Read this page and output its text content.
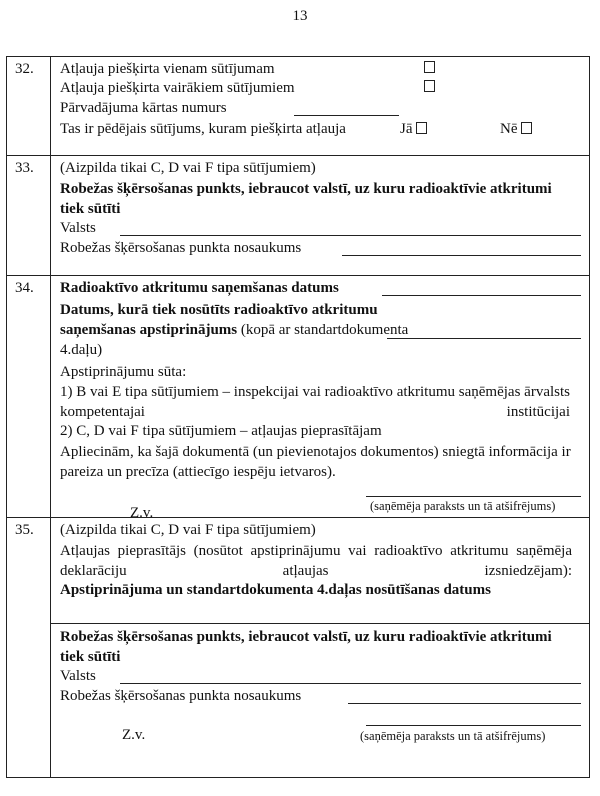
13
32.	Atļauja piešķirta vienam sūtījumam
Atļauja piešķirta vairākiem sūtījumiem
Pārvadājuma kārtas numurs
Tas ir pēdējais sūtījums, kuram piešķirta atļauja	Jā	Nē
33.	(Aizpilda tikai C, D vai F tipa sūtījumiem)
Robežas šķērsošanas punkts, iebraucot valstī, uz kuru radioaktīvie atkritumi tiek sūtīti
Valsts
Robežas šķērsošanas punkta nosaukums
34.	Radioaktīvo atkritumu saņemšanas datums
Datums, kurā tiek nosūtīts radioaktīvo atkritumu saņemšanas apstiprinājums (kopā ar standartdokumenta 4.daļu)
Apstiprinājumu sūta:
1) B vai E tipa sūtījumiem – inspekcijai vai radioaktīvo atkritumu saņēmējas ārvalsts kompetentajai institūcijai
2) C, D vai F tipa sūtījumiem – atļaujas pieprasītājam
Apliecinām, ka šajā dokumentā (un pievienotajos dokumentos) sniegtā informācija ir pareiza un precīza (attiecīgo iespēju ietvaros).
Z.v.	(saņēmēja paraksts un tā atšifrējums)
35.	(Aizpilda tikai C, D vai F tipa sūtījumiem)
Atļaujas pieprasītājs (nosūtot apstiprinājumu vai radioaktīvo atkritumu saņēmēja deklarāciju atļaujas izsniedzējam):
Apstiprinājuma un standartdokumenta 4.daļas nosūtīšanas datums
Robežas šķērsošanas punkts, iebraucot valstī, uz kuru radioaktīvie atkritumi tiek sūtīti
Valsts
Robežas šķērsošanas punkta nosaukums
Z.v.	(saņēmēja paraksts un tā atšifrējums)
